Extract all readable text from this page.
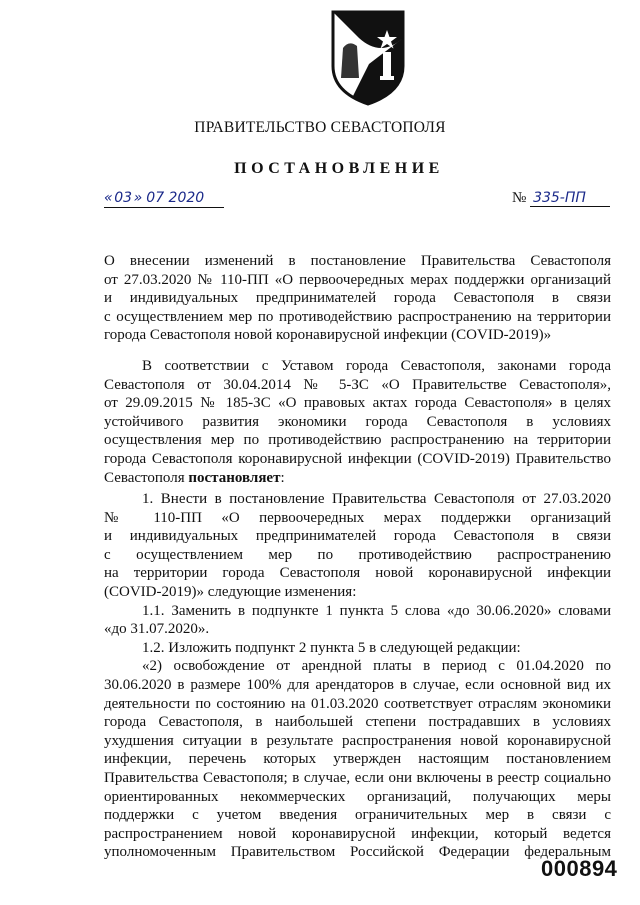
ПРАВИТЕЛЬСТВО СЕВАСТОПОЛЯ
ПОСТАНОВЛЕНИЕ
« 03 » 07 2020	№ 335-ПП

О внесении изменений в постановление Правительства Севастополя

от 27.03.2020 № 110-ПП «О первоочередных мерах поддержки организаций

и индивидуальных предпринимателей города Севастополя в связи

с осуществлением мер по противодействию распространению на территории

города Севастополя новой коронавирусной инфекции (COVID-2019)»

В соответствии с Уставом города Севастополя, законами города

Севастополя от 30.04.2014 № 5-ЗС «О Правительстве Севастополя»,

от 29.09.2015 № 185-ЗС «О правовых актах города Севастополя» в целях

устойчивого развития экономики города Севастополя в условиях

осуществления мер по противодействию распространению на территории

города Севастополя коронавирусной инфекции (COVID-2019) Правительство

Севастополя постановляет:

1. Внести в постановление Правительства Севастополя от 27.03.2020

№ 110-ПП «О первоочередных мерах поддержки организаций

и индивидуальных предпринимателей города Севастополя в связи

с осуществлением мер по противодействию распространению

на территории города Севастополя новой коронавирусной инфекции

(COVID-2019)» следующие изменения:

1.1. Заменить в подпункте 1 пункта 5 слова «до 30.06.2020» словами

«до 31.07.2020».

1.2. Изложить подпункт 2 пункта 5 в следующей редакции:

«2) освобождение от арендной платы в период с 01.04.2020 по

30.06.2020 в размере 100% для арендаторов в случае, если основной вид их

деятельности по состоянию на 01.03.2020 соответствует отраслям экономики

города Севастополя, в наибольшей степени пострадавших в условиях

ухудшения ситуации в результате распространения новой коронавирусной

инфекции, перечень которых утвержден настоящим постановлением

Правительства Севастополя; в случае, если они включены в реестр социально

ориентированных некоммерческих организаций, получающих меры

поддержки с учетом введения ограничительных мер в связи с

распространением новой коронавирусной инфекции, который ведется

уполномоченным Правительством Российской Федерации федеральным

000894
